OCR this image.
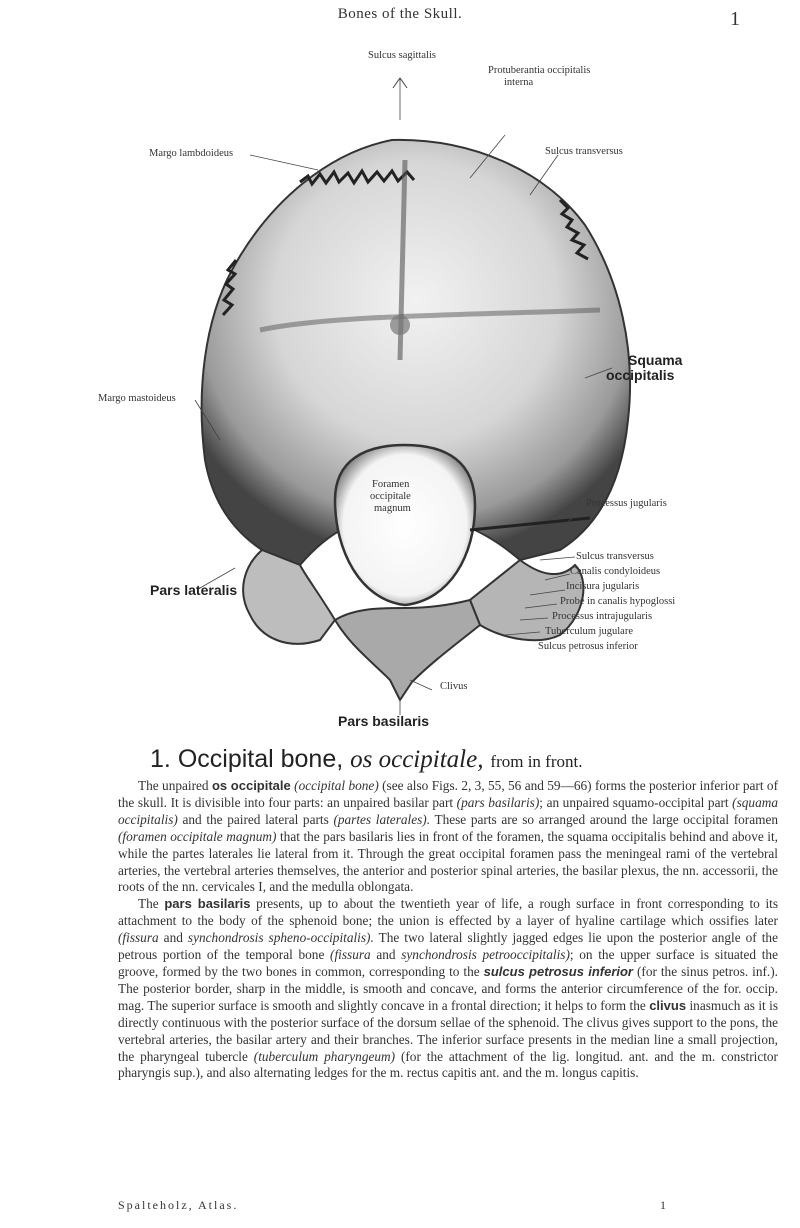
Bones of the Skull.	1
Sulcus sagittalis
Protuberantia occipitalis
interna
Margo lambdoideus	Sulcus transversus
Squama
occipitalis
Margo mastoideus
Foramen
occipitale
magnum	Processus jugularis
Sulcus transversus
Canalis condyloideus
Incisura jugularis
Probe in canalis hypoglossi
Processus intrajugularis
Tuberculum jugulare
Sulcus petrosus inferior
Pars lateralis
Clivus
Pars basilaris
1. Occipital bone, os occipitale, from in front.

The unpaired os occipitale (occipital bone) (see also Figs. 2, 3, 55, 56 and 59—66) forms the posterior inferior part of the skull. It is divisible into four parts: an unpaired basilar part (pars basilaris); an unpaired squamo-occipital part (squama occipitalis) and the paired lateral parts (partes laterales). These parts are so arranged around the large occipital foramen (foramen occipitale magnum) that the pars basilaris lies in front of the foramen, the squama occipitalis behind and above it, while the partes laterales lie lateral from it. Through the great occipital foramen pass the meningeal rami of the vertebral arteries, the vertebral arteries themselves, the anterior and posterior spinal arteries, the basilar plexus, the nn. accessorii, the roots of the nn. cervicales I, and the medulla oblongata.

The pars basilaris presents, up to about the twentieth year of life, a rough surface in front corresponding to its attachment to the body of the sphenoid bone; the union is effected by a layer of hyaline cartilage which ossifies later (fissura and synchondrosis spheno-occipitalis). The two lateral slightly jagged edges lie upon the posterior angle of the petrous portion of the temporal bone (fissura and synchondrosis petrooccipitalis); on the upper surface is situated the groove, formed by the two bones in common, corresponding to the sulcus petrosus inferior (for the sinus petros. inf.). The posterior border, sharp in the middle, is smooth and concave, and forms the anterior circumference of the for. occip. mag. The superior surface is smooth and slightly concave in a frontal direction; it helps to form the clivus inasmuch as it is directly continuous with the posterior surface of the dorsum sellae of the sphenoid. The clivus gives support to the pons, the vertebral arteries, the basilar artery and their branches. The inferior surface presents in the median line a small projection, the pharyngeal tubercle (tuberculum pharyngeum) (for the attachment of the lig. longitud. ant. and the m. constrictor pharyngis sup.), and also alternating ledges for the m. rectus capitis ant. and the m. longus capitis.

Spalteholz, Atlas.	1
